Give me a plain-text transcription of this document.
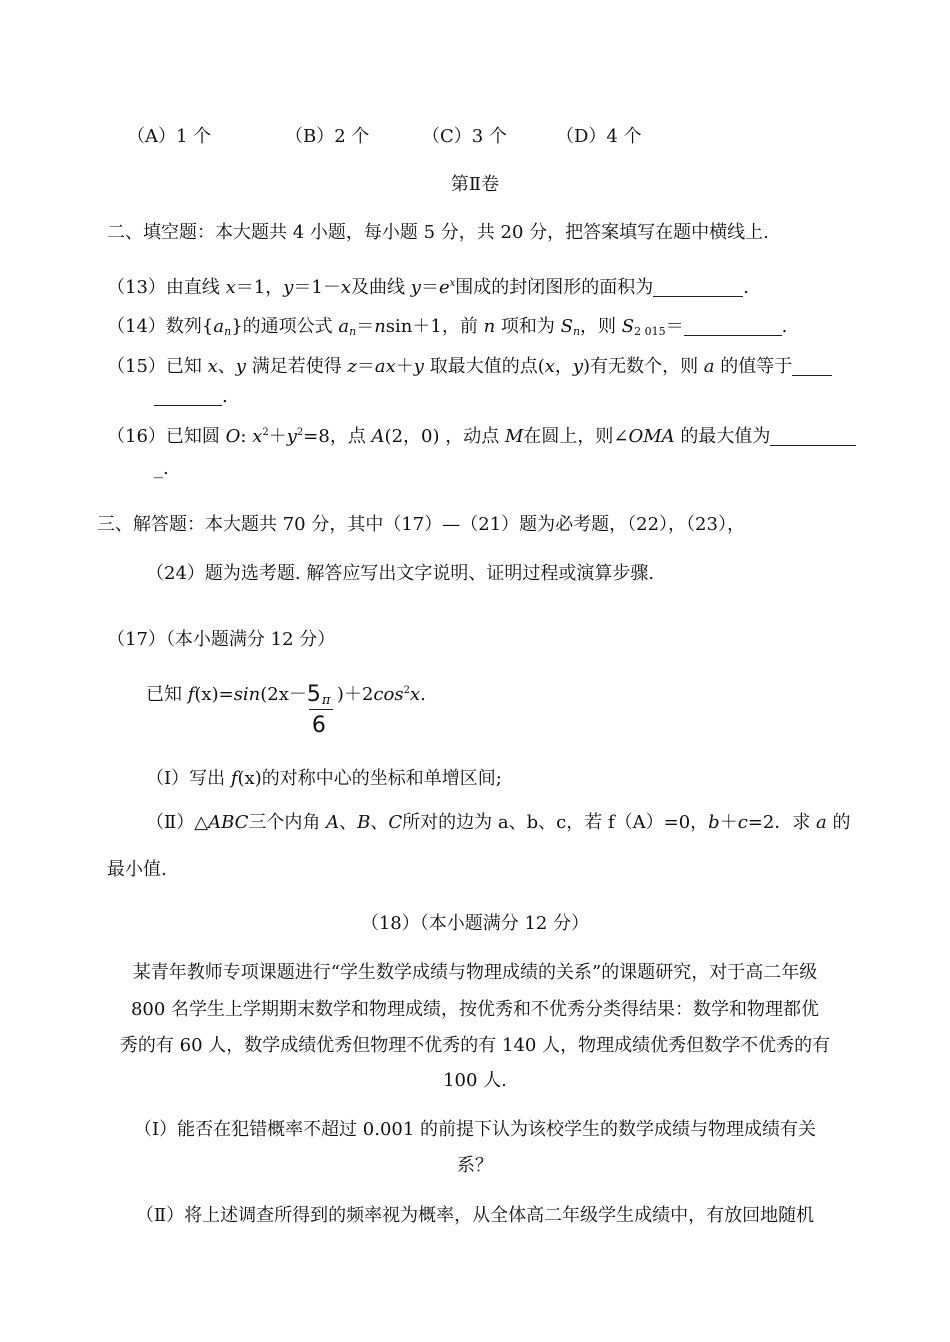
（A）1 个	（B）2 个	（C）3 个	（D）4 个
第Ⅱ卷
二、填空题：本大题共 4 小题，每小题 5 分，共 20 分，把答案填写在题中横线上.
（13）由直线 x＝1，y＝1－x及曲线 $y=e^x$围成的封闭图形的面积为	.
（14）数列$\{a_n\}$的通项公式 $a_n=nsin+1$，前 n 项和为 $S_n$，则 $S_{2 015}=$	.
（15）已知 x、y 满足若使得 z＝ax＋y 取最大值的点(x，y)有无数个，则 a 的值等于
.
（16）已知圆 O: $x^2+y^2=8$，点 A(2，0) ，动点 M在圆上，则∠OMA 的最大值为
_.
三、解答题：本大题共 70 分，其中（17）—（21）题为必考题，（22），（23），
（24）题为选考题. 解答应写出文字说明、证明过程或演算步骤.
（17）（本小题满分 12 分）
已知 f(x)=sin(2x－ 5 π
6
)$+2\cos^2x$.
（Ⅰ）写出 f(x)的对称中心的坐标和单增区间;
（Ⅱ）△ABC三个内角 A、B、C所对的边为 a、b、c，若 f（A）=0，b＋c=2．求 a 的
最小值.
（18）（本小题满分 12 分）
某青年教师专项课题进行“学生数学成绩与物理成绩的关系”的课题研究，对于高二年级
800 名学生上学期期末数学和物理成绩，按优秀和不优秀分类得结果：数学和物理都优
秀的有 60 人，数学成绩优秀但物理不优秀的有 140 人，物理成绩优秀但数学不优秀的有
100 人.
（Ⅰ）能否在犯错概率不超过 0.001 的前提下认为该校学生的数学成绩与物理成绩有关
系？
（Ⅱ）将上述调查所得到的频率视为概率，从全体高二年级学生成绩中，有放回地随机
